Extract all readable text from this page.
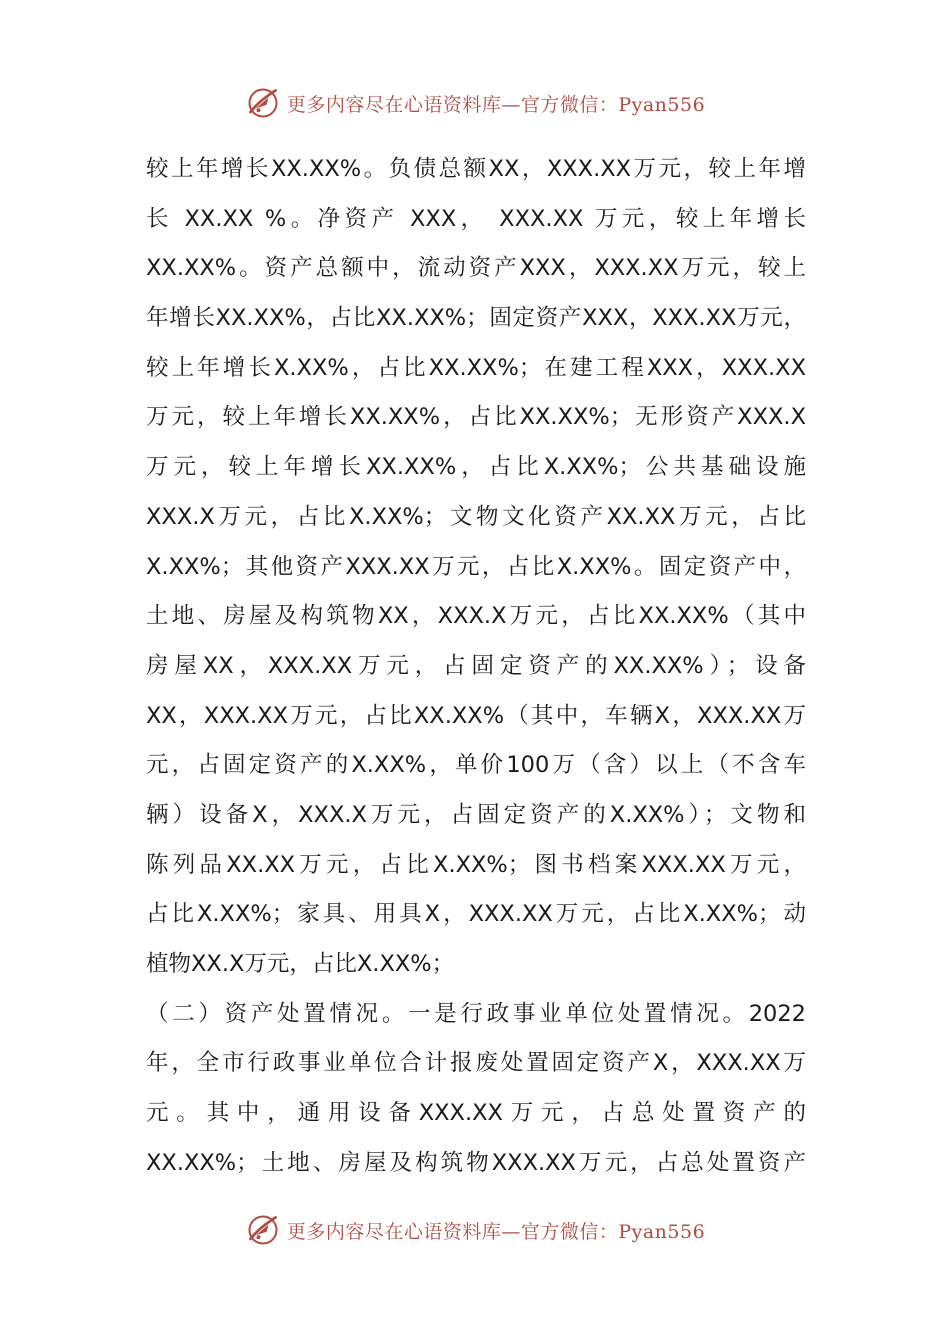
更多内容尽在心语资料库—官方微信：Pyan556
较上年增长XX.XX%。负债总额XX，XXX.XX万元，较上年增
长 XX.XX %。净资产 XXX， XXX.XX 万元，较上年增长
XX.XX%。资产总额中，流动资产XXX，XXX.XX万元，较上
年增长XX.XX%，占比XX.XX%；固定资产XXX，XXX.XX万元，
较上年增长X.XX%，占比XX.XX%；在建工程XXX，XXX.XX
万元，较上年增长XX.XX%，占比XX.XX%；无形资产XXX.X
万元，较上年增长XX.XX%，占比X.XX%；公共基础设施
XXX.X万元，占比X.XX%；文物文化资产XX.XX万元，占比
X.XX%；其他资产XXX.XX万元，占比X.XX%。固定资产中，
土地、房屋及构筑物XX，XXX.X万元，占比XX.XX%（其中
房屋XX，XXX.XX万元，占固定资产的XX.XX%）；设备
XX，XXX.XX万元，占比XX.XX%（其中，车辆X，XXX.XX万
元，占固定资产的X.XX%，单价100万（含）以上（不含车
辆）设备X，XXX.X万元，占固定资产的X.XX%）；文物和
陈列品XX.XX万元，占比X.XX%；图书档案XXX.XX万元，
占比X.XX%；家具、用具X，XXX.XX万元，占比X.XX%；动
植物XX.X万元，占比X.XX%；
（二）资产处置情况。一是行政事业单位处置情况。2022
年，全市行政事业单位合计报废处置固定资产X，XXX.XX万
元。其中，通用设备XXX.XX万元，占总处置资产的
XX.XX%；土地、房屋及构筑物XXX.XX万元，占总处置资产
更多内容尽在心语资料库—官方微信：Pyan556
